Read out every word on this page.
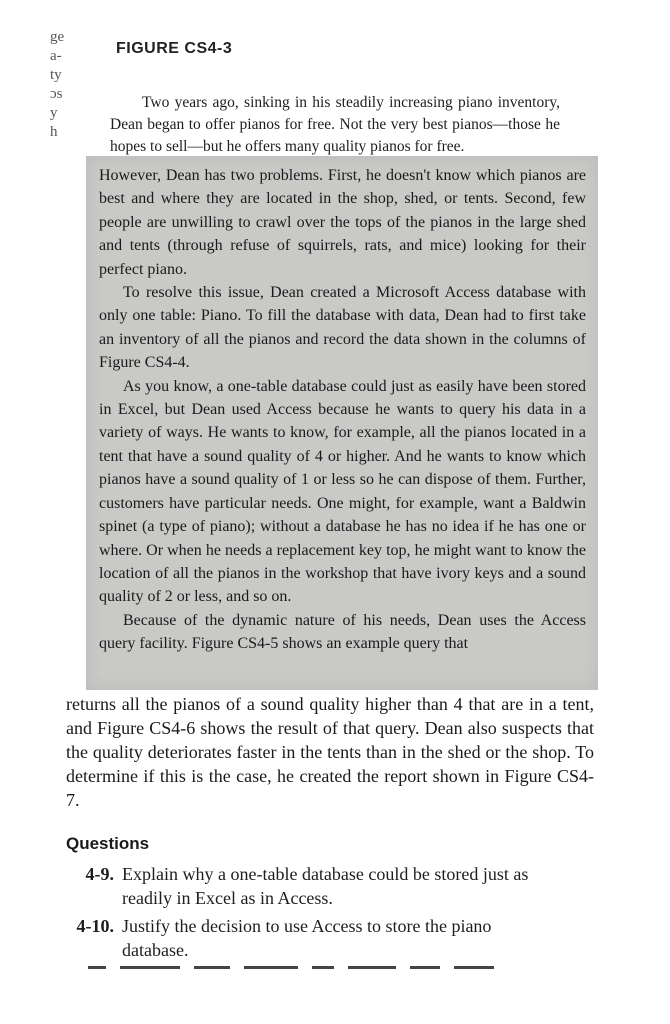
ge
a-
ty
ɔs
y
h
FIGURE CS4-3

Two years ago, sinking in his steadily increasing piano inventory, Dean began to offer pianos for free. Not the very best pianos—those he hopes to sell—but he offers many quality pianos for free.

However, Dean has two problems. First, he doesn't know which pianos are best and where they are located in the shop, shed, or tents. Second, few people are unwilling to crawl over the tops of the pianos in the large shed and tents (through refuse of squirrels, rats, and mice) looking for their perfect piano.

To resolve this issue, Dean created a Microsoft Access database with only one table: Piano. To fill the database with data, Dean had to first take an inventory of all the pianos and record the data shown in the columns of Figure CS4-4.

As you know, a one-table database could just as easily have been stored in Excel, but Dean used Access because he wants to query his data in a variety of ways. He wants to know, for example, all the pianos located in a tent that have a sound quality of 4 or higher. And he wants to know which pianos have a sound quality of 1 or less so he can dispose of them. Further, customers have particular needs. One might, for example, want a Baldwin spinet (a type of piano); without a database he has no idea if he has one or where. Or when he needs a replacement key top, he might want to know the location of all the pianos in the workshop that have ivory keys and a sound quality of 2 or less, and so on.

Because of the dynamic nature of his needs, Dean uses the Access query facility. Figure CS4-5 shows an example query that

returns all the pianos of a sound quality higher than 4 that are in a tent, and Figure CS4-6 shows the result of that query. Dean also suspects that the quality deteriorates faster in the tents than in the shed or the shop. To determine if this is the case, he created the report shown in Figure CS4-7.

Questions
4-9. Explain why a one-table database could be stored just as readily in Excel as in Access.
4-10. Justify the decision to use Access to store the piano database.
